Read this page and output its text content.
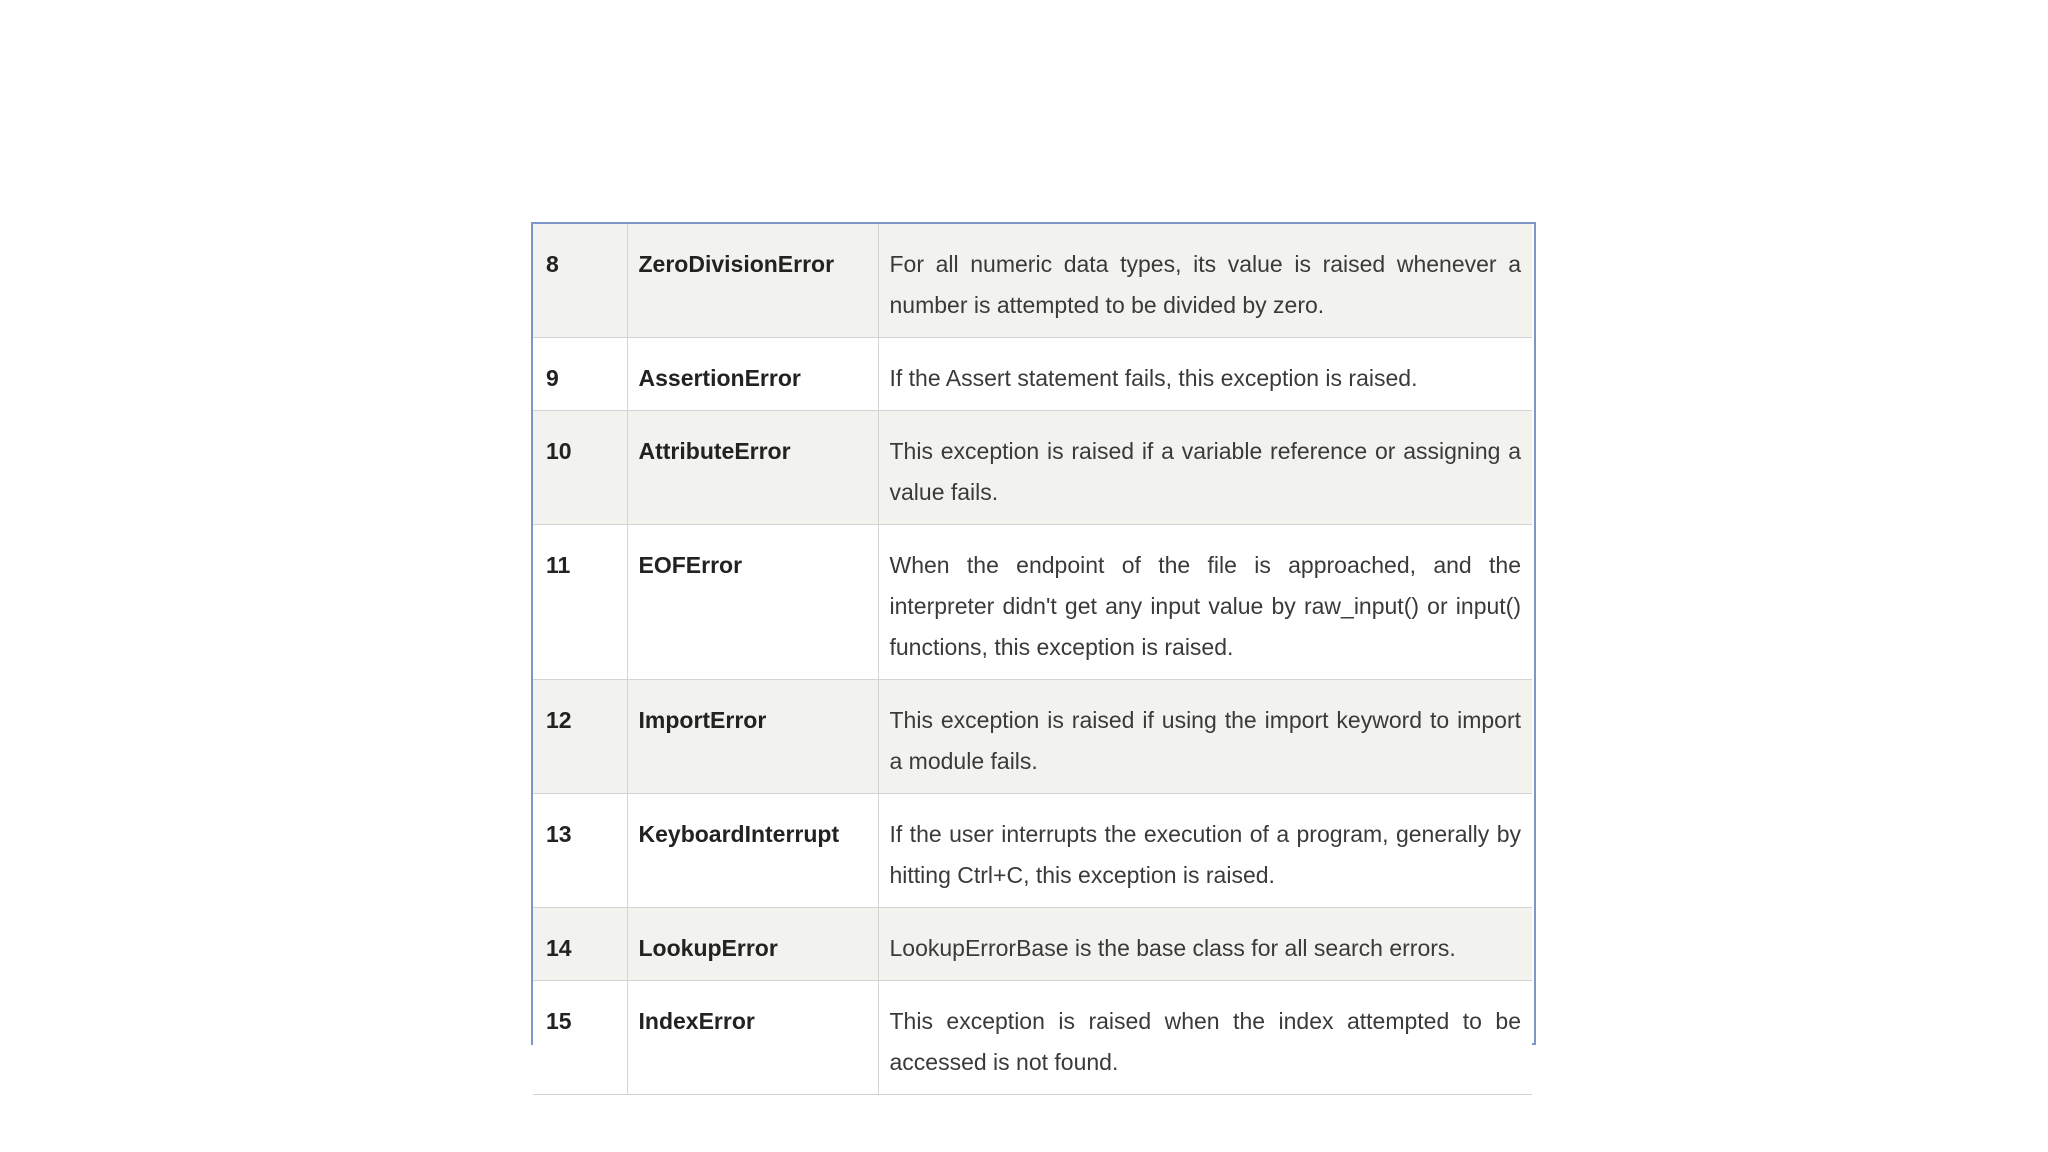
8	ZeroDivisionError	For all numeric data types, its value is raised whenever a number is attempted to be divided by zero.
9	AssertionError	If the Assert statement fails, this exception is raised.
10	AttributeError	This exception is raised if a variable reference or assigning a value fails.
11	EOFError	When the endpoint of the file is approached, and the interpreter didn't get any input value by raw_input() or input() functions, this exception is raised.
12	ImportError	This exception is raised if using the import keyword to import a module fails.
13	KeyboardInterrupt	If the user interrupts the execution of a program, generally by hitting Ctrl+C, this exception is raised.
14	LookupError	LookupErrorBase is the base class for all search errors.
15	IndexError	This exception is raised when the index attempted to be accessed is not found.
